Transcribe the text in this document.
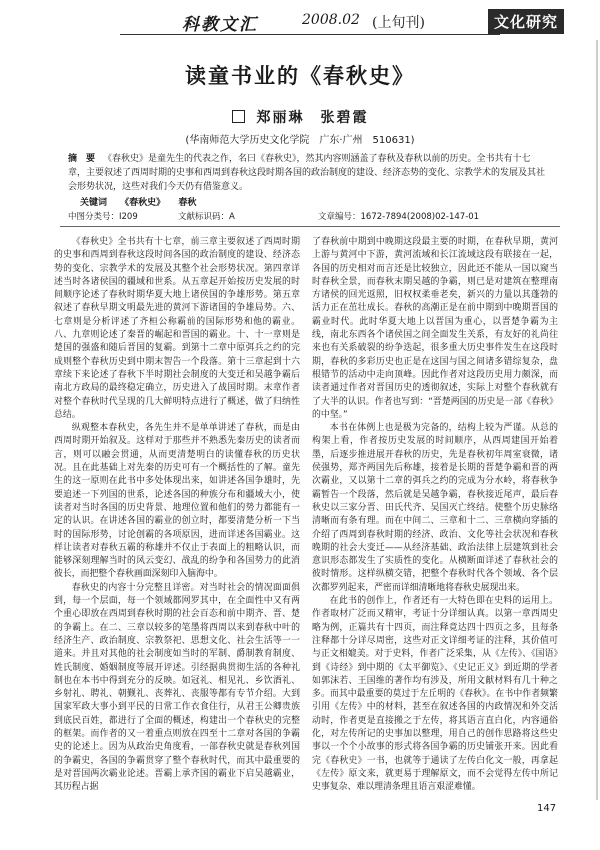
科教文汇	2008.02 (上旬刊)	文化研究
读童书业的《春秋史》
郑丽琳　张碧霞
(华南师范大学历史文化学院　广东·广州　510631)
摘　要 《春秋史》是童先生的代表之作，名曰《春秋史》，然其内容则涵盖了春秋及春秋以前的历史。全书共有十七章，主要叙述了西周时期的史事和西周到春秋这段时期各国的政治制度的建设、经济态势的变化、宗教学术的发展及其社会形势状况，这些对我们今天仍有借鉴意义。
关键词 《春秋史》 春秋
中图分类号：I209	文献标识码：A	文章编号：1672-7894(2008)02-147-01

《春秋史》全书共有十七章，前三章主要叙述了西周时期的史事和西周到春秋这段时间各国的政治制度的建设、经济态势的变化、宗教学术的发展及其整个社会形势状况。第四章详述当时各诸侯国的疆域和世系。从五章起开始按历史发展的时间顺序论述了春秋时期华夏大地上诸侯国的争雄形势。第五章叙述了春秋早期文明最先进的黄河下游诸国的争雄局势。六、七章则是分析评述了齐桓公称霸前的国际形势和他的霸业。八、九章则论述了秦晋的崛起和晋国的霸业。十、十一章则是楚国的强盛和随后晋国的复霸。到第十二章中原弭兵之约的完成则整个春秋历史到中期末智告一个段落。第十三章起到十六章续下来论述了春秋下半时期社会制度的大变迁和吴越争霸后南北方政局的最终稳定确立，历史进入了战国时期。末章作者对整个春秋时代呈现的几大鲜明特点进行了概述，做了归纳性总结。

纵观整本春秋史，各先生并不是单单讲述了春秋，而是由西周时期开始叙及。这样对于那些并不熟悉先秦历史的读者而言，则可以融会贯通，从而更清楚明白的读懂春秋的历史状况。且在此基础上对先秦的历史可有一个概括性的了解。童先生的这一原则在此书中多处体现出来，如讲述各国争雄时，先要追述一下列国的世系，论述各国的种族分布和疆域大小，使读者对当时各国的历史背景、地理位置和他们的势力都能有一定的认识。在讲述各国的霸业的创立时，都要清楚分析一下当时的国际形势，讨论创霸的各项原因，进而详述各国霸业。这样让读者对春秋五霸的称雄并不仅止于表面上的粗略认识，而能够深刻理解当时的风云变幻、战乱的纷争和各国势力的此消彼长，而把整个春秋画面深刻印入脑海中。

春秋史的内容十分完整且详密。对当时社会的情况面面俱到，每一个层面，每一个领域都网罗其中，在全面性中又有两个重心即放在西周到春秋时期的社会百态和前中期齐、晋、楚的争霸上。在二、三章以较多的笔墨将西周以来到春秋中叶的经济生产、政治制度、宗教祭祀、思想文化、社会生活等一一道来。并且对其他的社会制度如当时的军制、爵制教育制度、姓氏制度、婚姻制度等展开评述。引经据典贯彻生活的各种礼制也在本书中得到充分的反映。如冠礼、相见礼、乡饮酒礼、乡射礼、聘礼、朝觐礼、丧葬礼、丧服等都有专节介绍。大到国家军政大事小到平民的日常工作衣食住行，从君王公卿贵族到底民百姓，都进行了全面的概述，构建出一个春秋史的完整的框架。而作者的又一着重点则放在四至十二章对各国的争霸史的论述上。因为从政治史角度看，一部春秋史就是春秋列国的争霸史，各国的争霸贯穿了整个春秋时代，而其中最重要的是对晋国两次霸业论述。晋霸上承齐国的霸业下启吴越霸业，其历程占据

了春秋前中期到中晚期这段最主要的时期，在春秋早期，黄河上游与黄河中下游，黄河流域和长江流域这段有联接在一起，各国的历史相对而言还是比较独立，因此还不能从一国以窥当时春秋全景，而春秋末期吴越的争霸，则已是对建筑在整理南方诸侯的回光返照，旧权权柔垂老矣，新兴的力量以其蓬勃的活力正在茁壮成长。春秋的高潮正是在前中期到中晚期晋国的霸业时代。此时华夏大地上以晋国为重心，以晋楚争霸为主线，南北东西各个诸侯国之间全面发生关系，有友好的礼尚往来也有关系破裂的纷争迭起，很多重大历史事件发生在这段时期，春秋的多彩历史也正是在这国与国之间诸多错综复杂，盘根错节的活动中走向顶峰。因此作者对这段历史用力颇深，而读者通过作者对晋国历史的透彻叙述，实际上对整个春秋就有了大半的认识。作者也写到：“晋楚两国的历史是一部《春秋》的中坚。”

本书在体例上也是极为完备的，结构上较为严谨。从总的构架上看，作者按历史发展的时间顺序，从西周建国开始着墨，后逐步推进展开春秋的历史，先是春秋初年周室衰微，诸侯强势，郑齐两国先后称雄，接着是长期的晋楚争霸和晋的两次霸业，又以第十二章的弭兵之约的完成为分水岭，将春秋争霸暂告一个段落，然后就是吴越争霸，春秋接近尾声，最后春秋史以三家分晋、田氏代齐、吴国灭亡终结。使整个历史脉络清晰而有条有理。而在中间二、三章和十二、三章横向穿插的介绍了西周到春秋时期的经济、政治、文化等社会状况和春秋晚期的社会大变迁——从经济基础、政治法律上层建筑到社会意识形态都发生了实质性的变化。从横断面详述了春秋社会的彼时情形。这样纵横交错，把整个春秋时代各个领域、各个层次都罗列起来，严密而详细清晰地将春秋史展现出来。

在此书的创作上，作者还有一大特色即在史料的运用上。作者取材广泛而又精审，考证十分详细认真。以第一章西周史略为例，正篇共有十四页，而注释竟达四十四页之多，且每条注释都十分详尽周密，这些对正文详细考证的注释，其价值可与正文相媲美。对于史料，作者广泛采集，从《左传》、《国语》到《诗经》到中期的《太平御览》、《史记正义》到近期的学者如郭沫若、王国维的著作均有涉及，所用文献材料有几十种之多。而其中最重要的莫过于左丘明的《春秋》。在书中作者频繁引用《左传》中的材料，甚至在叙述各国的内政情况和外交活动时，作者更是直接搬之于左传，将其语言直白化，内容通俗化，对左传所记的史事加以整理，用自己的创作思路将这些史事以一个个小故事的形式将各国争霸的历史铺张开来。因此看完《春秋史》一书，也就等于通读了左传白化文一般，再拿起《左传》原文来，就更易于理解原文，而不会觉得左传中所记史事复杂、难以理清条理且语言艰涩难懂。

147
